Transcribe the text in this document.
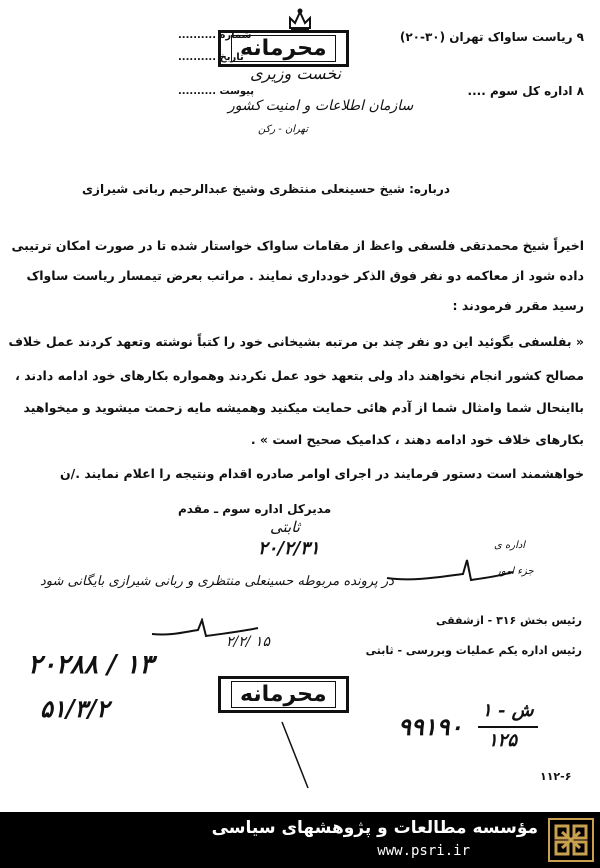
محرمانه	۹ ریاست ساواک تهران (۳۰-۲۰)
۸ اداره کل سوم ....
شماره ..........
تاریخ ..........
پیوست ..........
نخست وزیری
سازمان اطلاعات و امنیت کشور
تهران - رکن
درباره: شیخ حسینعلی منتظری وشیخ عبدالرحیم ربانی شیرازی
اخیراً شیخ محمدتقی فلسفی واعظ از مقامات ساواک خواستار شده تا در صورت امکان ترتیبی
داده شود از معاکمه دو نفر فوق الذکر خودداری نمایند . مراتب بعرض تیمسار ریاست ساواک
رسید مقرر فرمودند :
« بفلسفی بگوئید این دو نفر چند بن مرتبه بشیخانی خود را کتباً نوشته وتعهد کردند عمل خلاف
مصالح کشور انجام نخواهند داد ولی بتعهد خود عمل نکردند وهمواره بکارهای خود ادامه دادند ،
بااینحال شما وامثال شما از آدم هائی حمایت میکنید وهمیشه مایه زحمت میشوید و میخواهید
بکارهای خلاف خود ادامه دهند ، کدامیک صحیح است » .
خواهشمند است دستور فرمایند در اجرای اوامر صادره اقدام ونتیجه را اعلام نمایند ./ن
مدیرکل اداره سوم ـ مقدم
ثابتی
۲۰/۲/۳۱	اداره ی
جزء امور
در پرونده مربوطه حسینعلی منتظری و ربانی شیرازی بایگانی شود
رئیس بخش ۳۱۶ - ازشفقی
رئیس اداره یکم عملیات وبررسی - ثابتی
۲/۲/ ۱۵
۲۰۲۸۸ / ۱۳
۵۱/۳/۲	محرمانه
۹۹۱۹۰
ش - ۱
۱۲۵
۱۱۲-۶
مؤسسه مطالعات و پژوهشهای سیاسی
www.psri.ir
